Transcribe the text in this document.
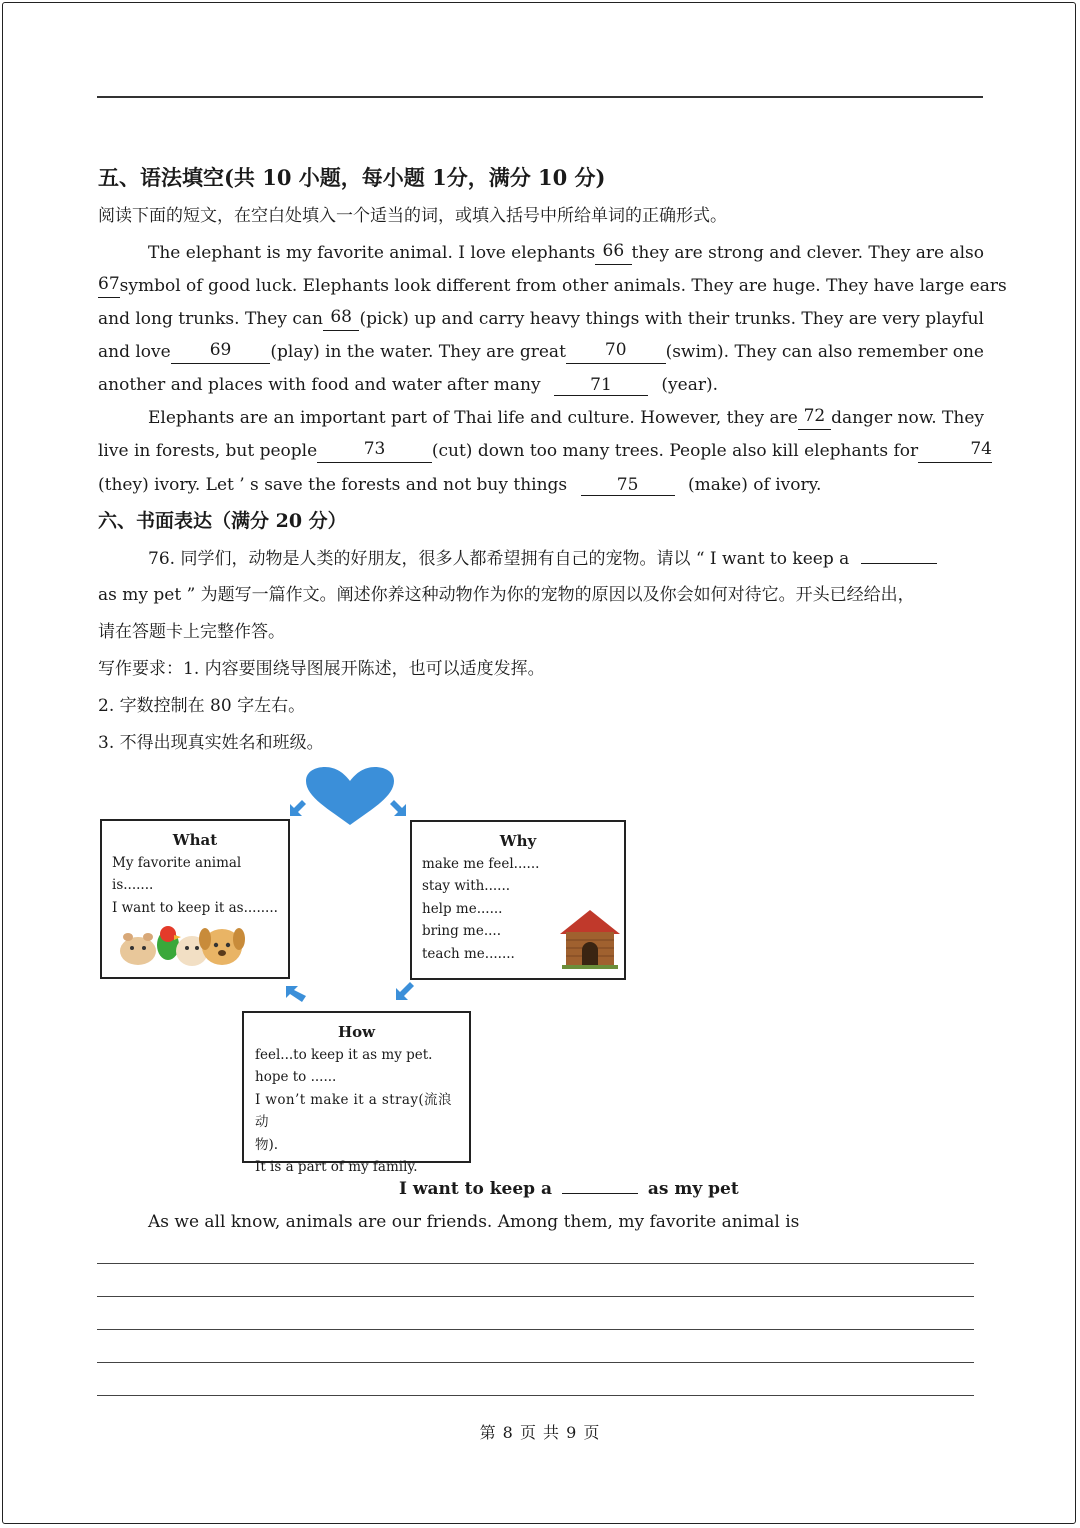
五、语法填空(共 10 小题，每小题 1分，满分 10 分)
阅读下面的短文，在空白处填入一个适当的词，或填入括号中所给单词的正确形式。
The elephant is my favorite animal. I love elephants 66 they are strong and clever. They are also
67 symbol of good luck. Elephants look different from other animals. They are huge. They have large ears
and long trunks. They can 68 (pick) up and carry heavy things with their trunks. They are very playful
and love	69	(play) in the water. They are great	70	(swim). They can also remember one
another and places with food and water after many	71	(year).
Elephants are an important part of Thai life and culture. However, they are 72 danger now. They
live in forests, but people	73	(cut) down too many trees. People also kill elephants for	74
(they) ivory. Let ’ s save the forests and not buy things	75	(make) of ivory.
六、书面表达（满分 20 分）
76. 同学们，动物是人类的好朋友，很多人都希望拥有自己的宠物。请以 “ I want to keep a
as my pet ” 为题写一篇作文。阐述你养这种动物作为你的宠物的原因以及你会如何对待它。开头已经给出，
请在答题卡上完整作答。
写作要求：1. 内容要围绕导图展开陈述，也可以适度发挥。
2. 字数控制在 80 字左右。
3. 不得出现真实姓名和班级。
What
My favorite animal is.......
I want to keep it as........
Why
make me feel......
stay with......
help me......
bring me....
teach me.......
How
feel...to keep it as my pet.
hope to ......
I won’t make it a stray(流浪动
物).
It is a part of my family.
I want to keep a	as my pet
As we all know, animals are our friends. Among them, my favorite animal is
第 8 页 共 9 页
